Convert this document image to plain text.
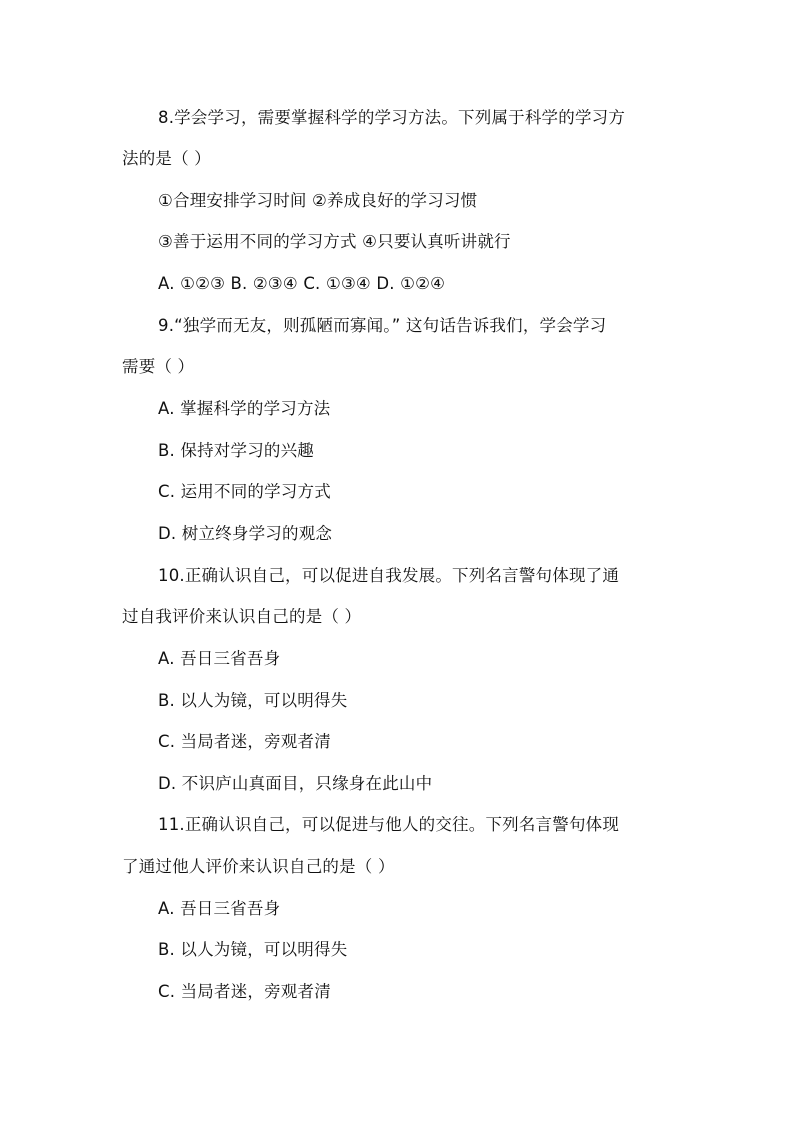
8.学会学习，需要掌握科学的学习方法。下列属于科学的学习方
法的是（ ）
①合理安排学习时间 ②养成良好的学习习惯
③善于运用不同的学习方式 ④只要认真听讲就行
A. ①②③ B. ②③④ C. ①③④ D. ①②④
9.“独学而无友，则孤陋而寡闻。” 这句话告诉我们，学会学习
需要（ ）
A. 掌握科学的学习方法
B. 保持对学习的兴趣
C. 运用不同的学习方式
D. 树立终身学习的观念
10.正确认识自己，可以促进自我发展。下列名言警句体现了通
过自我评价来认识自己的是（ ）
A. 吾日三省吾身
B. 以人为镜，可以明得失
C. 当局者迷，旁观者清
D. 不识庐山真面目，只缘身在此山中
11.正确认识自己，可以促进与他人的交往。下列名言警句体现
了通过他人评价来认识自己的是（ ）
A. 吾日三省吾身
B. 以人为镜，可以明得失
C. 当局者迷，旁观者清
